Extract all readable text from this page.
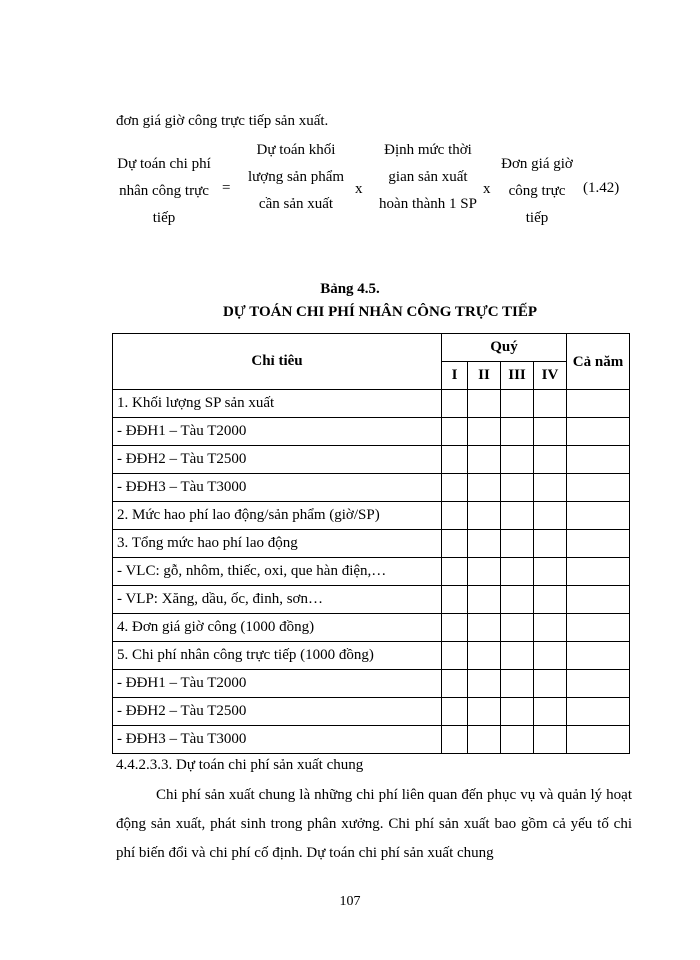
đơn giá giờ công trực tiếp sản xuất.
Dự toán chi phí nhân công trực tiếp
=
Dự toán khối lượng sản phẩm cần sản xuất
x
Định mức thời gian sản xuất hoàn thành 1 SP
x
Đơn giá giờ công trực tiếp
(1.42)
Bảng 4.5.
DỰ TOÁN CHI PHÍ NHÂN CÔNG TRỰC TIẾP
Chỉ tiêu	Quý				Cả năm
	I	II	III	IV	
1. Khối lượng SP sản xuất					
- ĐĐH1 – Tàu T2000					
- ĐĐH2 – Tàu T2500					
- ĐĐH3 – Tàu T3000					
2. Mức hao phí lao động/sản phẩm (giờ/SP)					
3. Tổng mức hao phí lao động					
- VLC: gỗ, nhôm, thiếc, oxi, que hàn điện,…					
- VLP: Xăng, dầu, ốc, đinh, sơn…					
4. Đơn giá giờ công (1000 đồng)					
5. Chi phí nhân công trực tiếp (1000 đồng)					
- ĐĐH1 – Tàu T2000					
- ĐĐH2 – Tàu T2500					
- ĐĐH3 – Tàu T3000					
4.4.2.3.3. Dự toán chi phí sản xuất chung
Chi phí sản xuất chung là những chi phí liên quan đến phục vụ và quản lý hoạt động sản xuất, phát sinh trong phân xưởng. Chi phí sản xuất bao gồm cả yếu tố chi phí biến đổi và chi phí cố định. Dự toán chi phí sản xuất chung
107
